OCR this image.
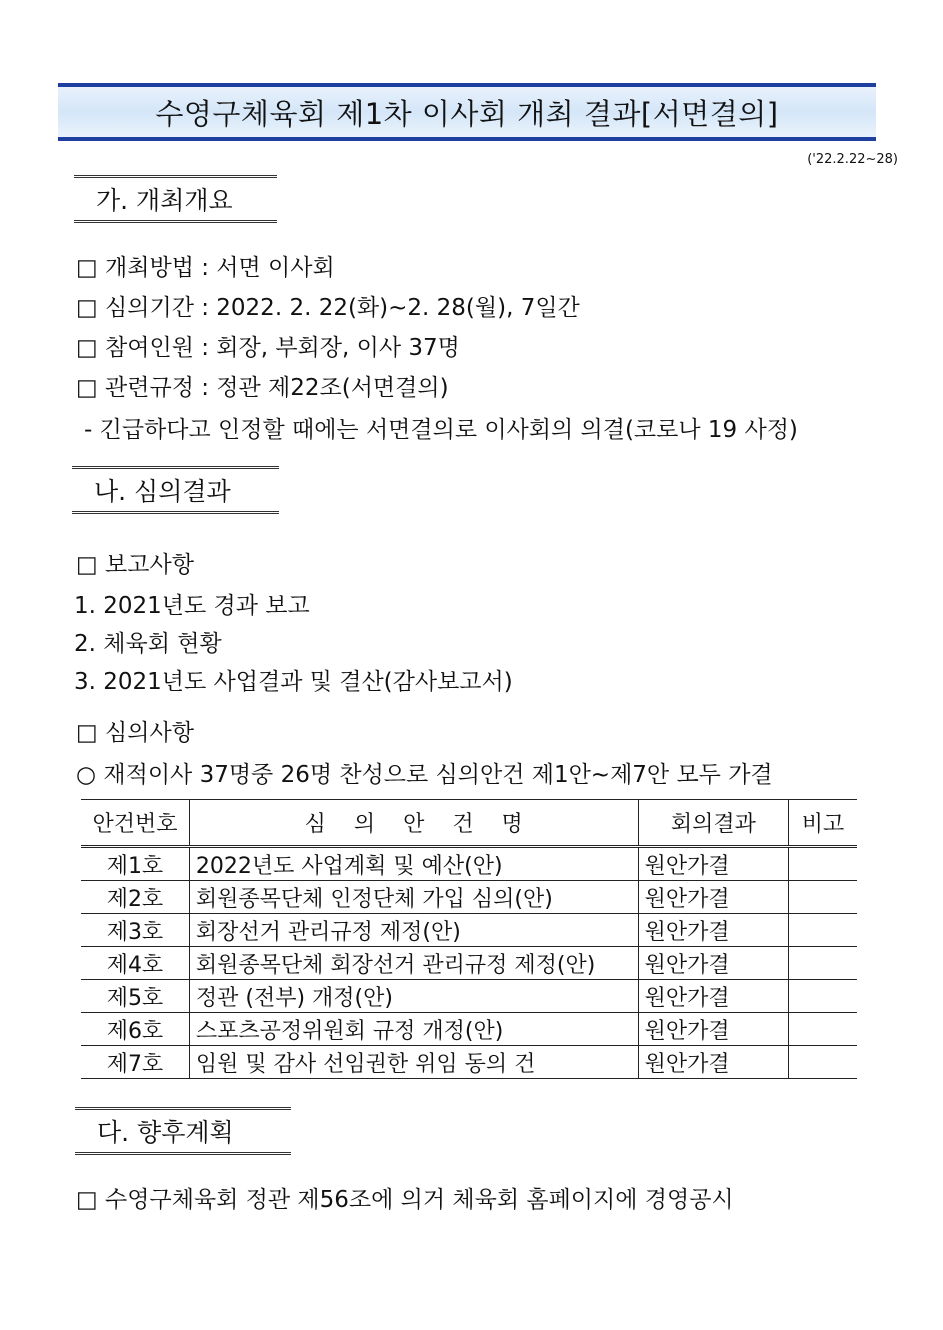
수영구체육회 제1차 이사회 개최 결과[서면결의]
('22.2.22~28)
가. 개최개요
□ 개최방법 : 서면 이사회
□ 심의기간 : 2022. 2. 22(화)∼2. 28(월), 7일간
□ 참여인원 : 회장, 부회장, 이사 37명
□ 관련규정 : 정관 제22조(서면결의)
- 긴급하다고 인정할 때에는 서면결의로 이사회의 의결(코로나 19 사정)
나. 심의결과
□ 보고사항
1. 2021년도 경과 보고
2. 체육회 현황
3. 2021년도 사업결과 및 결산(감사보고서)
□ 심의사항
○ 재적이사 37명중 26명 찬성으로 심의안건 제1안∼제7안 모두 가결
안건번호	심    의    안    건    명	회의결과	비고
제1호	2022년도 사업계획 및 예산(안)	원안가결	
제2호	회원종목단체 인정단체 가입 심의(안)	원안가결	
제3호	회장선거 관리규정 제정(안)	원안가결	
제4호	회원종목단체 회장선거 관리규정 제정(안)	원안가결	
제5호	정관 (전부) 개정(안)	원안가결	
제6호	스포츠공정위원회 규정 개정(안)	원안가결	
제7호	임원 및 감사 선임권한 위임 동의 건	원안가결	
다. 향후계획
□ 수영구체육회 정관 제56조에 의거 체육회 홈페이지에 경영공시
